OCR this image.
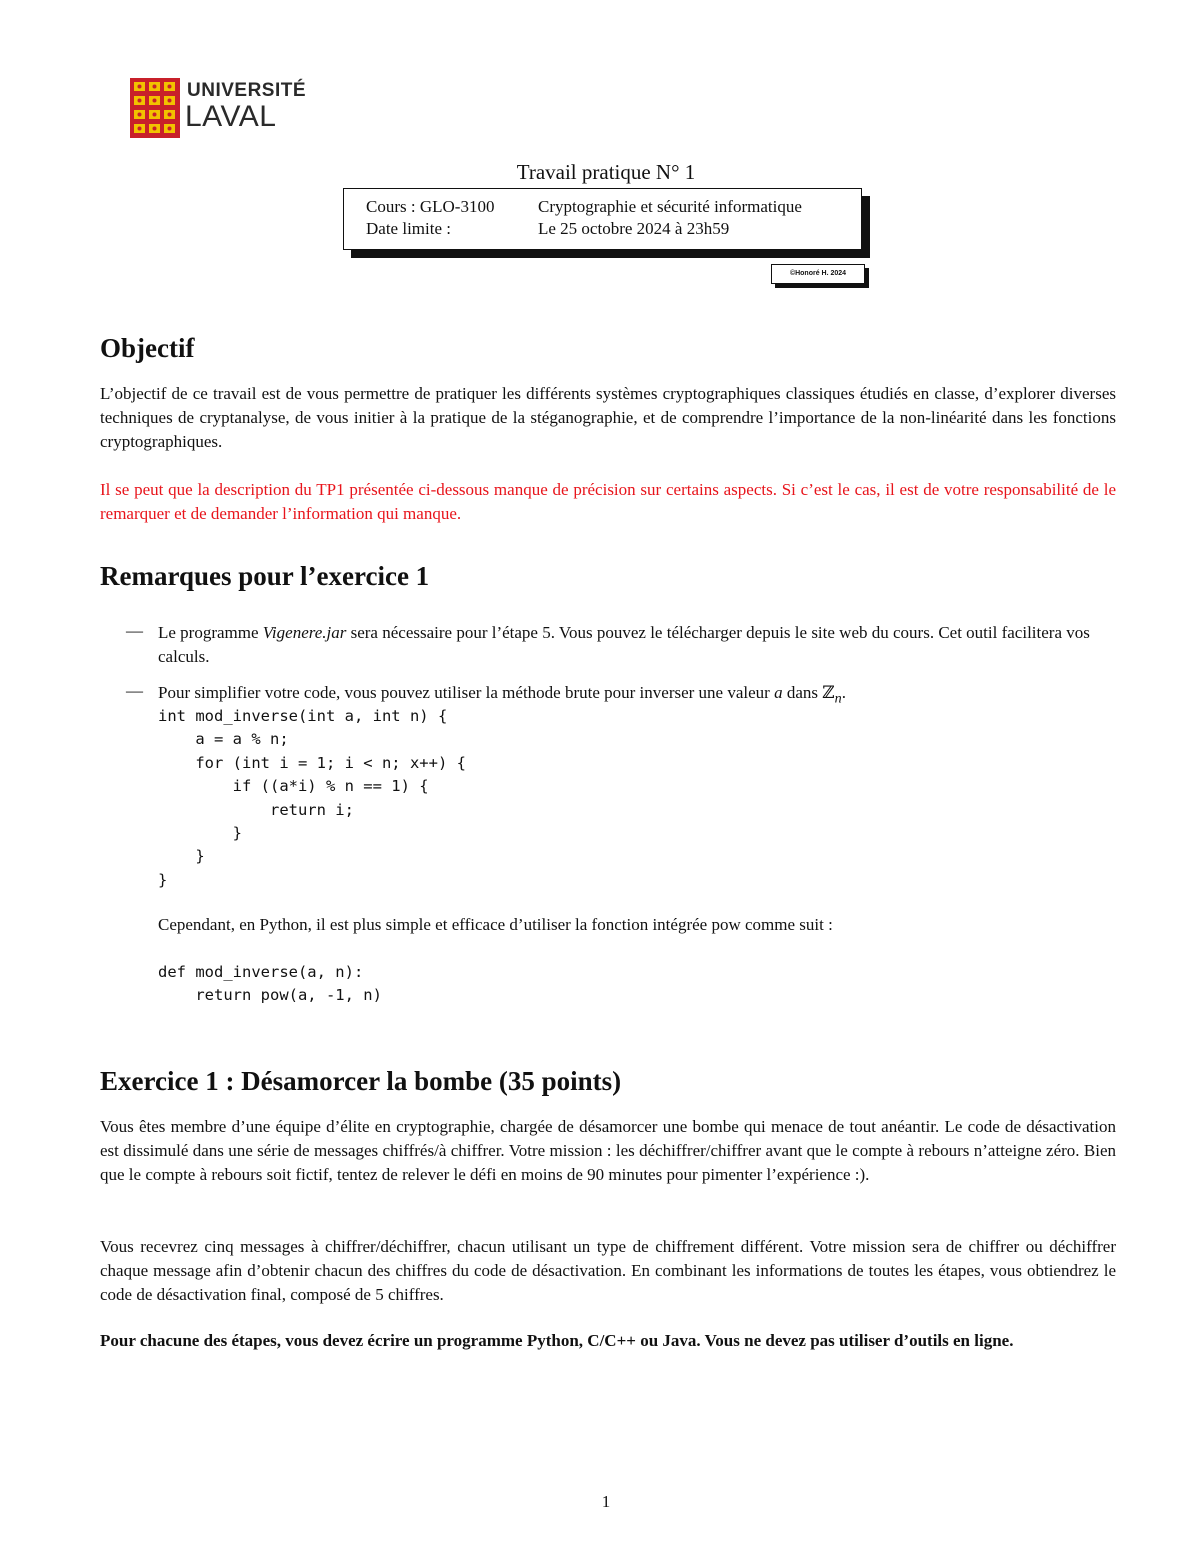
UNIVERSITÉ
LAVAL
Travail pratique N° 1
Cours : GLO-3100	Cryptographie et sécurité informatique
Date limite :	Le 25 octobre 2024 à 23h59
©Honoré H. 2024
Objectif

L’objectif de ce travail est de vous permettre de pratiquer les différents systèmes cryptographiques classiques étudiés en classe, d’explorer diverses techniques de cryptanalyse, de vous initier à la pratique de la stéganographie, et de comprendre l’importance de la non-linéarité dans les fonctions cryptographiques.

Il se peut que la description du TP1 présentée ci-dessous manque de précision sur certains aspects. Si c’est le cas, il est de votre responsabilité de le remarquer et de demander l’information qui manque.

Remarques pour l’exercice 1
— Le programme Vigenere.jar sera nécessaire pour l’étape 5. Vous pouvez le télécharger depuis le site web du cours. Cet outil facilitera vos calculs.

— Pour simplifier votre code, vous pouvez utiliser la méthode brute pour inverser une valeur a dans ℤ$_n$.

int mod_inverse(int a, int n) {
a = a % n;
for (int i = 1; i < n; x++) {
if ((a*i) % n == 1) {
return i;
}
}
}

Cependant, en Python, il est plus simple et efficace d’utiliser la fonction intégrée pow comme suit :

def mod_inverse(a, n):
return pow(a, -1, n)
Exercice 1 : Désamorcer la bombe (35 points)

Vous êtes membre d’une équipe d’élite en cryptographie, chargée de désamorcer une bombe qui menace de tout anéantir. Le code de désactivation est dissimulé dans une série de messages chiffrés/à chiffrer. Votre mission : les déchiffrer/chiffrer avant que le compte à rebours n’atteigne zéro. Bien que le compte à rebours soit fictif, tentez de relever le défi en moins de 90 minutes pour pimenter l’expérience :).

Vous recevrez cinq messages à chiffrer/déchiffrer, chacun utilisant un type de chiffrement différent. Votre mission sera de chiffrer ou déchiffrer chaque message afin d’obtenir chacun des chiffres du code de désactivation. En combinant les informations de toutes les étapes, vous obtiendrez le code de désactivation final, composé de 5 chiffres.

Pour chacune des étapes, vous devez écrire un programme Python, C/C++ ou Java. Vous ne devez pas utiliser d’outils en ligne.

1
